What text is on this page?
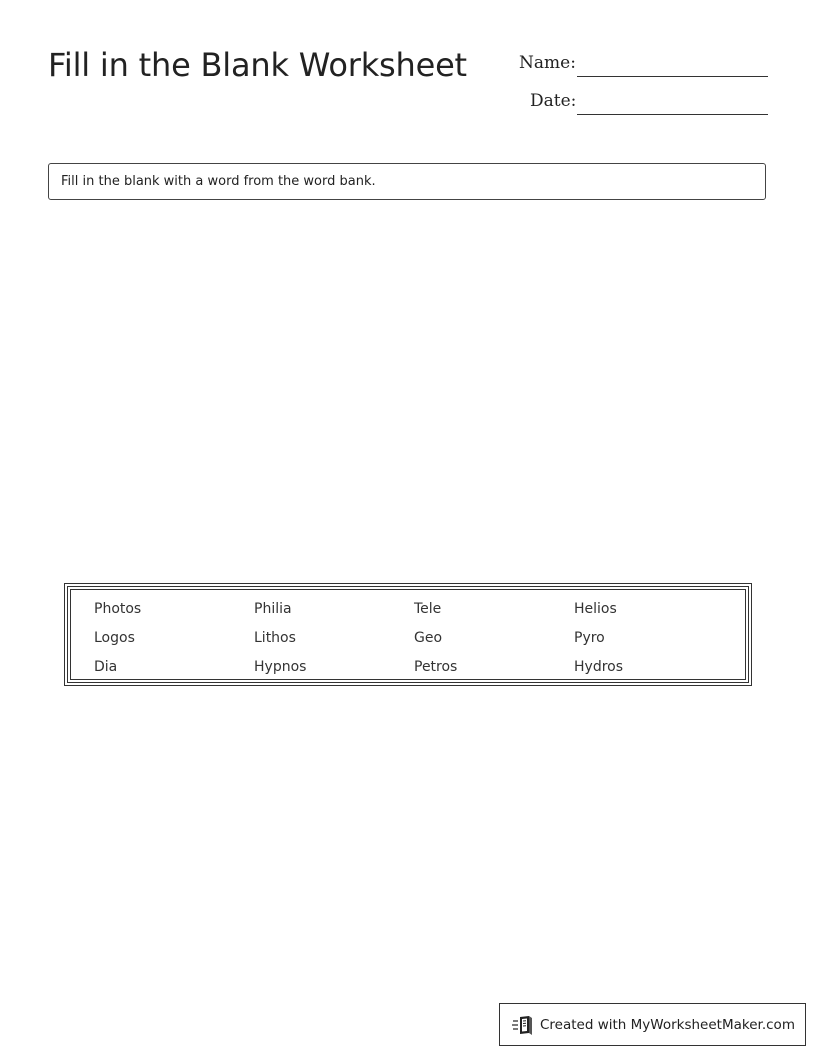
Fill in the Blank Worksheet	Name:
Date:
Fill in the blank with a word from the word bank.
Photos	Philia	Tele	Helios
Logos	Lithos	Geo	Pyro
Dia	Hypnos	Petros	Hydros
Created with MyWorksheetMaker.com
